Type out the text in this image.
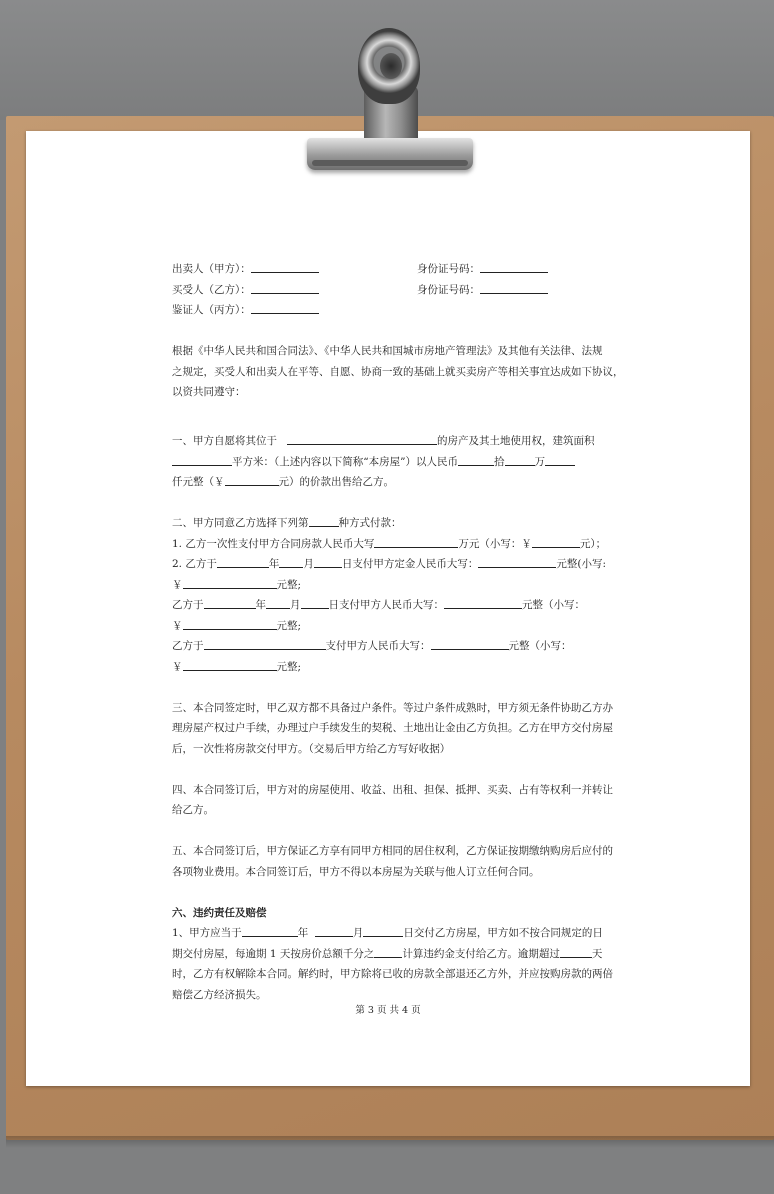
出卖人（甲方）：	身份证号码：
买受人（乙方）：	身份证号码：
鉴证人（丙方）：
根据《中华人民共和国合同法》、《中华人民共和国城市房地产管理法》及其他有关法律、法规
之规定，买受人和出卖人在平等、自愿、协商一致的基础上就买卖房产等相关事宜达成如下协议，
以资共同遵守：
一、甲方自愿将其位于	的房产及其土地使用权，建筑面积
平方米：（上述内容以下简称“本房屋”）以人民币	拾	万
仟元整（￥	元）的价款出售给乙方。
二、甲方同意乙方选择下列第	种方式付款：
1. 乙方一次性支付甲方合同房款人民币大写	万元（小写：￥	元）；
2. 乙方于	年 月	日支付甲方定金人民币大写：	元整(小写:
￥	元整;
乙方于	年 月	日支付甲方人民币大写：	元整（小写：
￥	元整;
乙方于	支付甲方人民币大写：	元整（小写：
￥	元整;
三、本合同签定时，甲乙双方都不具备过户条件。等过户条件成熟时，甲方须无条件协助乙方办
理房屋产权过户手续，办理过户手续发生的契税、土地出让金由乙方负担。乙方在甲方交付房屋
后，一次性将房款交付甲方。（交易后甲方给乙方写好收据）
四、本合同签订后，甲方对的房屋使用、收益、出租、担保、抵押、买卖、占有等权利一并转让
给乙方。
五、本合同签订后，甲方保证乙方享有同甲方相同的居住权利，乙方保证按期缴纳购房后应付的
各项物业费用。本合同签订后，甲方不得以本房屋为关联与他人订立任何合同。
六、违约责任及赔偿
1、甲方应当于	年	月	日交付乙方房屋，甲方如不按合同规定的日
期交付房屋，每逾期 1 天按房价总额千分之	计算违约金支付给乙方。逾期超过	天
时，乙方有权解除本合同。解约时，甲方除将已收的房款全部退还乙方外，并应按购房款的两倍
赔偿乙方经济损失。
第 3 页 共 4 页
